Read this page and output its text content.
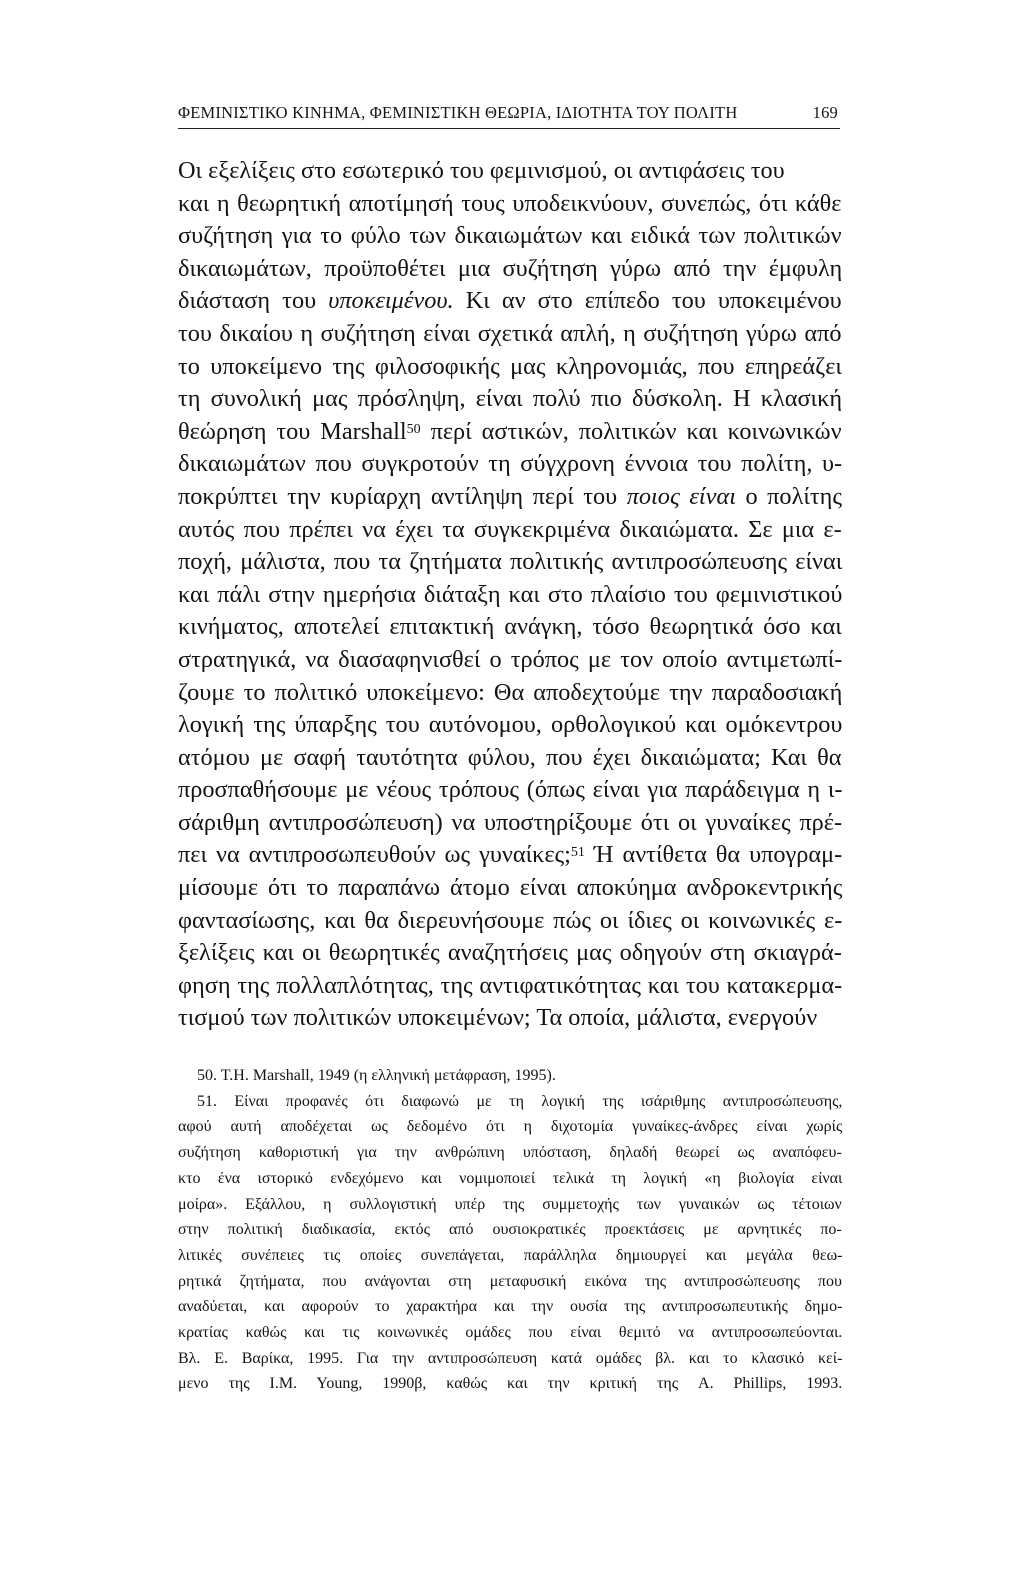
ΦΕΜΙΝΙΣΤΙΚΟ ΚΙΝΗΜΑ, ΦΕΜΙΝΙΣΤΙΚΗ ΘΕΩΡΙΑ, ΙΔΙΟΤΗΤΑ ΤΟΥ ΠΟΛΙΤΗ	169
Οι εξελίξεις στο εσωτερικό του φεμινισμού, οι αντιφάσεις του
και η θεωρητική αποτίμησή τους υποδεικνύουν, συνεπώς, ότι κάθε
συζήτηση για το φύλο των δικαιωμάτων και ειδικά των πολιτικών
δικαιωμάτων, προϋποθέτει μια συζήτηση γύρω από την έμφυλη
διάσταση του υποκειμένου. Κι αν στο επίπεδο του υποκειμένου
του δικαίου η συζήτηση είναι σχετικά απλή, η συζήτηση γύρω από
το υποκείμενο της φιλοσοφικής μας κληρονομιάς, που επηρεάζει
τη συνολική μας πρόσληψη, είναι πολύ πιο δύσκολη. Η κλασική
θεώρηση του Marshall$^{50}$ περί αστικών, πολιτικών και κοινωνικών
δικαιωμάτων που συγκροτούν τη σύγχρονη έννοια του πολίτη, υ-
ποκρύπτει την κυρίαρχη αντίληψη περί του ποιος είναι ο πολίτης
αυτός που πρέπει να έχει τα συγκεκριμένα δικαιώματα. Σε μια ε-
ποχή, μάλιστα, που τα ζητήματα πολιτικής αντιπροσώπευσης είναι
και πάλι στην ημερήσια διάταξη και στο πλαίσιο του φεμινιστικού
κινήματος, αποτελεί επιτακτική ανάγκη, τόσο θεωρητικά όσο και
στρατηγικά, να διασαφηνισθεί ο τρόπος με τον οποίο αντιμετωπί-
ζουμε το πολιτικό υποκείμενο: Θα αποδεχτούμε την παραδοσιακή
λογική της ύπαρξης του αυτόνομου, ορθολογικού και ομόκεντρου
ατόμου με σαφή ταυτότητα φύλου, που έχει δικαιώματα; Και θα
προσπαθήσουμε με νέους τρόπους (όπως είναι για παράδειγμα η ι-
σάριθμη αντιπροσώπευση) να υποστηρίξουμε ότι οι γυναίκες πρέ-
πει να αντιπροσωπευθούν ως γυναίκες;$^{51}$ Ή αντίθετα θα υπογραμ-
μίσουμε ότι το παραπάνω άτομο είναι αποκύημα ανδροκεντρικής
φαντασίωσης, και θα διερευνήσουμε πώς οι ίδιες οι κοινωνικές ε-
ξελίξεις και οι θεωρητικές αναζητήσεις μας οδηγούν στη σκιαγρά-
φηση της πολλαπλότητας, της αντιφατικότητας και του κατακερμα-
τισμού των πολιτικών υποκειμένων; Τα οποία, μάλιστα, ενεργούν
50. T.H. Marshall, 1949 (η ελληνική μετάφραση, 1995).
51. Είναι προφανές ότι διαφωνώ με τη λογική της ισάριθμης αντιπροσώπευσης,
αφού αυτή αποδέχεται ως δεδομένο ότι η διχοτομία γυναίκες-άνδρες είναι χωρίς
συζήτηση καθοριστική για την ανθρώπινη υπόσταση, δηλαδή θεωρεί ως αναπόφευ-
κτο ένα ιστορικό ενδεχόμενο και νομιμοποιεί τελικά τη λογική «η βιολογία είναι
μοίρα». Εξάλλου, η συλλογιστική υπέρ της συμμετοχής των γυναικών ως τέτοιων
στην πολιτική διαδικασία, εκτός από ουσιοκρατικές προεκτάσεις με αρνητικές πο-
λιτικές συνέπειες τις οποίες συνεπάγεται, παράλληλα δημιουργεί και μεγάλα θεω-
ρητικά ζητήματα, που ανάγονται στη μεταφυσική εικόνα της αντιπροσώπευσης που
αναδύεται, και αφορούν το χαρακτήρα και την ουσία της αντιπροσωπευτικής δημο-
κρατίας καθώς και τις κοινωνικές ομάδες που είναι θεμιτό να αντιπροσωπεύονται.
Βλ. Ε. Βαρίκα, 1995. Για την αντιπροσώπευση κατά ομάδες βλ. και το κλασικό κεί-
μενο της I.M. Young, 1990β, καθώς και την κριτική της A. Phillips, 1993.
